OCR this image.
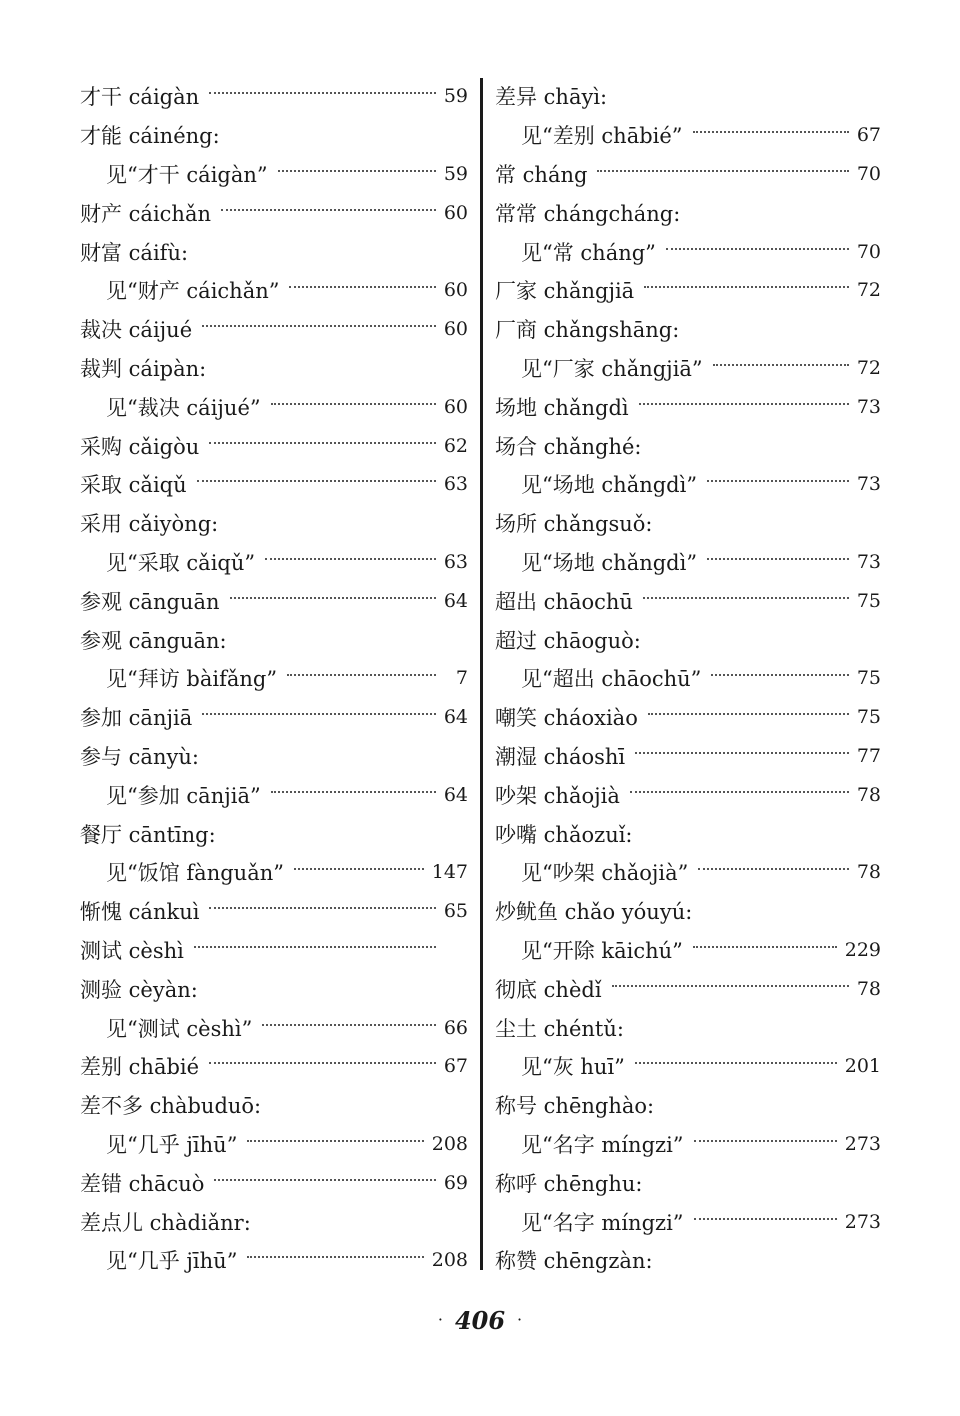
才干 cáigàn	59
才能 cáinéng:
见“才干 cáigàn”	59
财产 cáichǎn	60
财富 cáifù:
见“财产 cáichǎn”	60
裁决 cáijué	60
裁判 cáipàn:
见“裁决 cáijué”	60
采购 cǎigòu	62
采取 cǎiqǔ	63
采用 cǎiyòng:
见“采取 cǎiqǔ”	63
参观 cānguān	64
参观 cānguān:
见“拜访 bàifǎng”	7
参加 cānjiā	64
参与 cānyù:
见“参加 cānjiā”	64
餐厅 cāntīng:
见“饭馆 fànguǎn”	147
惭愧 cánkuì	65
测试 cèshì
测验 cèyàn:
见“测试 cèshì”	66
差别 chābié	67
差不多 chàbuduō:
见“几乎 jīhū”	208
差错 chācuò	69
差点儿 chàdiǎnr:
见“几乎 jīhū”	208
差异 chāyì:
见“差别 chābié”	67
常 cháng	70
常常 chángcháng:
见“常 cháng”	70
厂家 chǎngjiā	72
厂商 chǎngshāng:
见“厂家 chǎngjiā”	72
场地 chǎngdì	73
场合 chǎnghé:
见“场地 chǎngdì”	73
场所 chǎngsuǒ:
见“场地 chǎngdì”	73
超出 chāochū	75
超过 chāoguò:
见“超出 chāochū”	75
嘲笑 cháoxiào	75
潮湿 cháoshī	77
吵架 chǎojià	78
吵嘴 chǎozuǐ:
见“吵架 chǎojià”	78
炒鱿鱼 chǎo yóuyú:
见“开除 kāichú”	229
彻底 chèdǐ	78
尘土 chéntǔ:
见“灰 huī”	201
称号 chēnghào:
见“名字 míngzi”	273
称呼 chēnghu:
见“名字 míngzi”	273
称赞 chēngzàn:
· 406 ·
